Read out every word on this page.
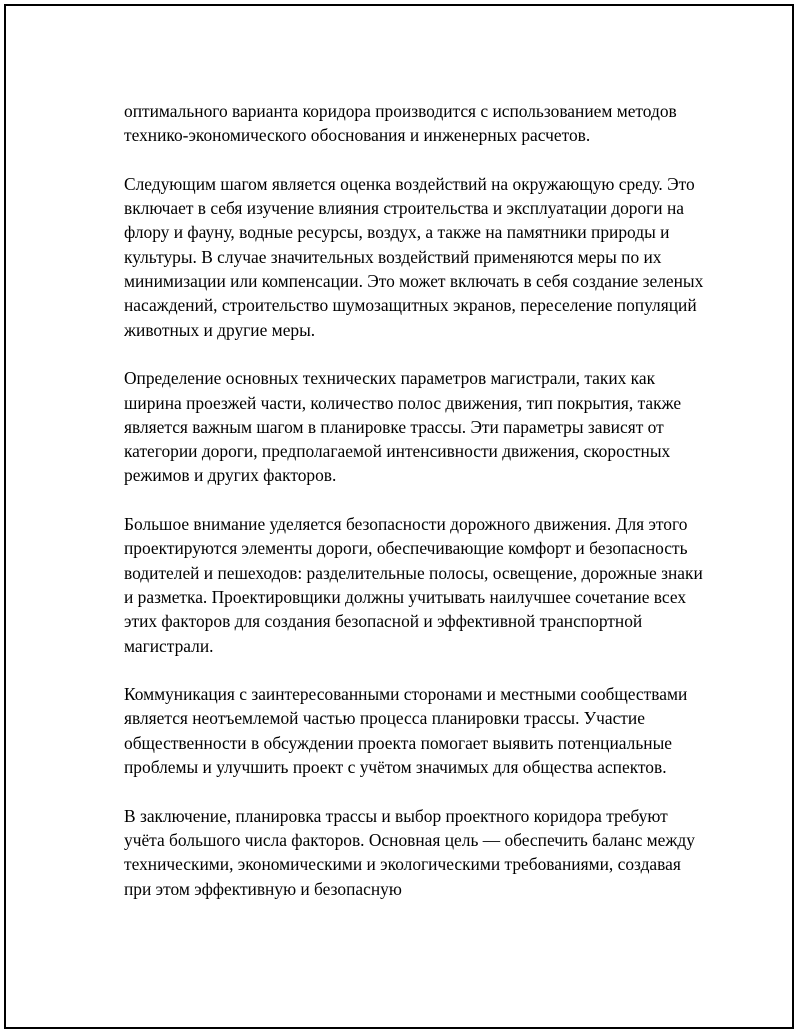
оптимального варианта коридора производится с использованием методов технико-экономического обоснования и инженерных расчетов.

Следующим шагом является оценка воздействий на окружающую среду. Это включает в себя изучение влияния строительства и эксплуатации дороги на флору и фауну, водные ресурсы, воздух, а также на памятники природы и культуры. В случае значительных воздействий применяются меры по их минимизации или компенсации. Это может включать в себя создание зеленых насаждений, строительство шумозащитных экранов, переселение популяций животных и другие меры.

Определение основных технических параметров магистрали, таких как ширина проезжей части, количество полос движения, тип покрытия, также является важным шагом в планировке трассы. Эти параметры зависят от категории дороги, предполагаемой интенсивности движения, скоростных режимов и других факторов.

Большое внимание уделяется безопасности дорожного движения. Для этого проектируются элементы дороги, обеспечивающие комфорт и безопасность водителей и пешеходов: разделительные полосы, освещение, дорожные знаки и разметка. Проектировщики должны учитывать наилучшее сочетание всех этих факторов для создания безопасной и эффективной транспортной магистрали.

Коммуникация с заинтересованными сторонами и местными сообществами является неотъемлемой частью процесса планировки трассы. Участие общественности в обсуждении проекта помогает выявить потенциальные проблемы и улучшить проект с учётом значимых для общества аспектов.

В заключение, планировка трассы и выбор проектного коридора требуют учёта большого числа факторов. Основная цель — обеспечить баланс между техническими, экономическими и экологическими требованиями, создавая при этом эффективную и безопасную
